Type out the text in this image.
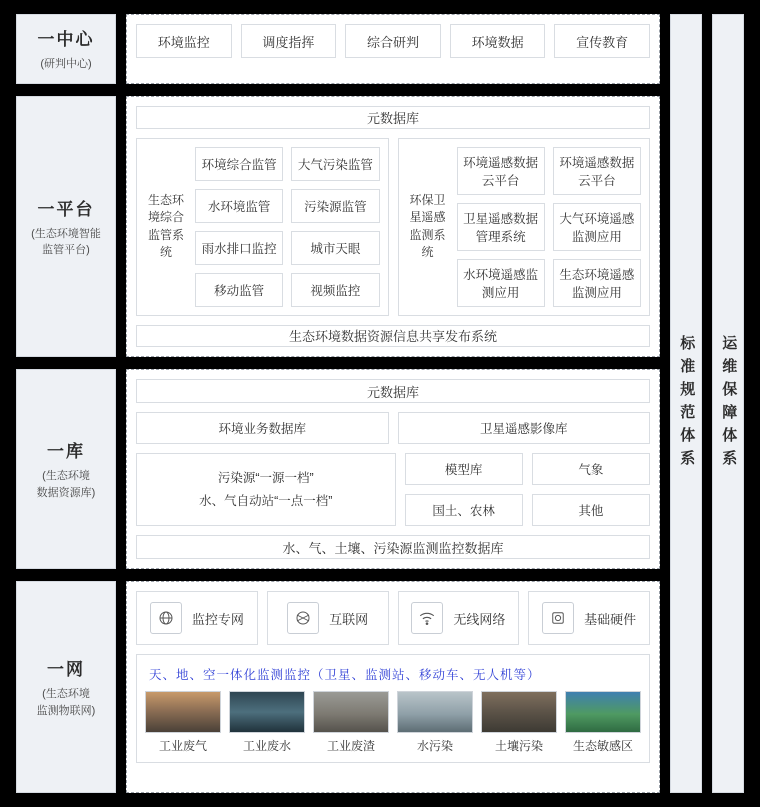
一中心
(研判中心)
环境监控	调度指挥	综合研判	环境数据	宣传教育
一平台
(生态环境智能
监管平台)
元数据库
生态环境综合监管系统
环境综合监管	大气污染监管
水环境监管	污染源监管
雨水排口监控	城市天眼
移动监管	视频监控
环保卫星遥感监测系统
环境遥感数据云平台
环境遥感数据云平台
卫星遥感数据管理系统
大气环境遥感监测应用
水环境遥感监测应用
生态环境遥感监测应用
生态环境数据资源信息共享发布系统
一库
(生态环境
数据资源库)
元数据库
环境业务数据库	卫星遥感影像库
污染源“一源一档”
水、气自动站“一点一档”
模型库	气象
国土、农林	其他
水、气、土壤、污染源监测监控数据库
一网
(生态环境
监测物联网)
监控专网	互联网	无线网络	基础硬件
天、地、空一体化监测监控（卫星、监测站、移动车、无人机等）
工业废气	工业废水	工业废渣	水污染	土壤污染 生态敏感区
标准规范体系 运维保障体系
